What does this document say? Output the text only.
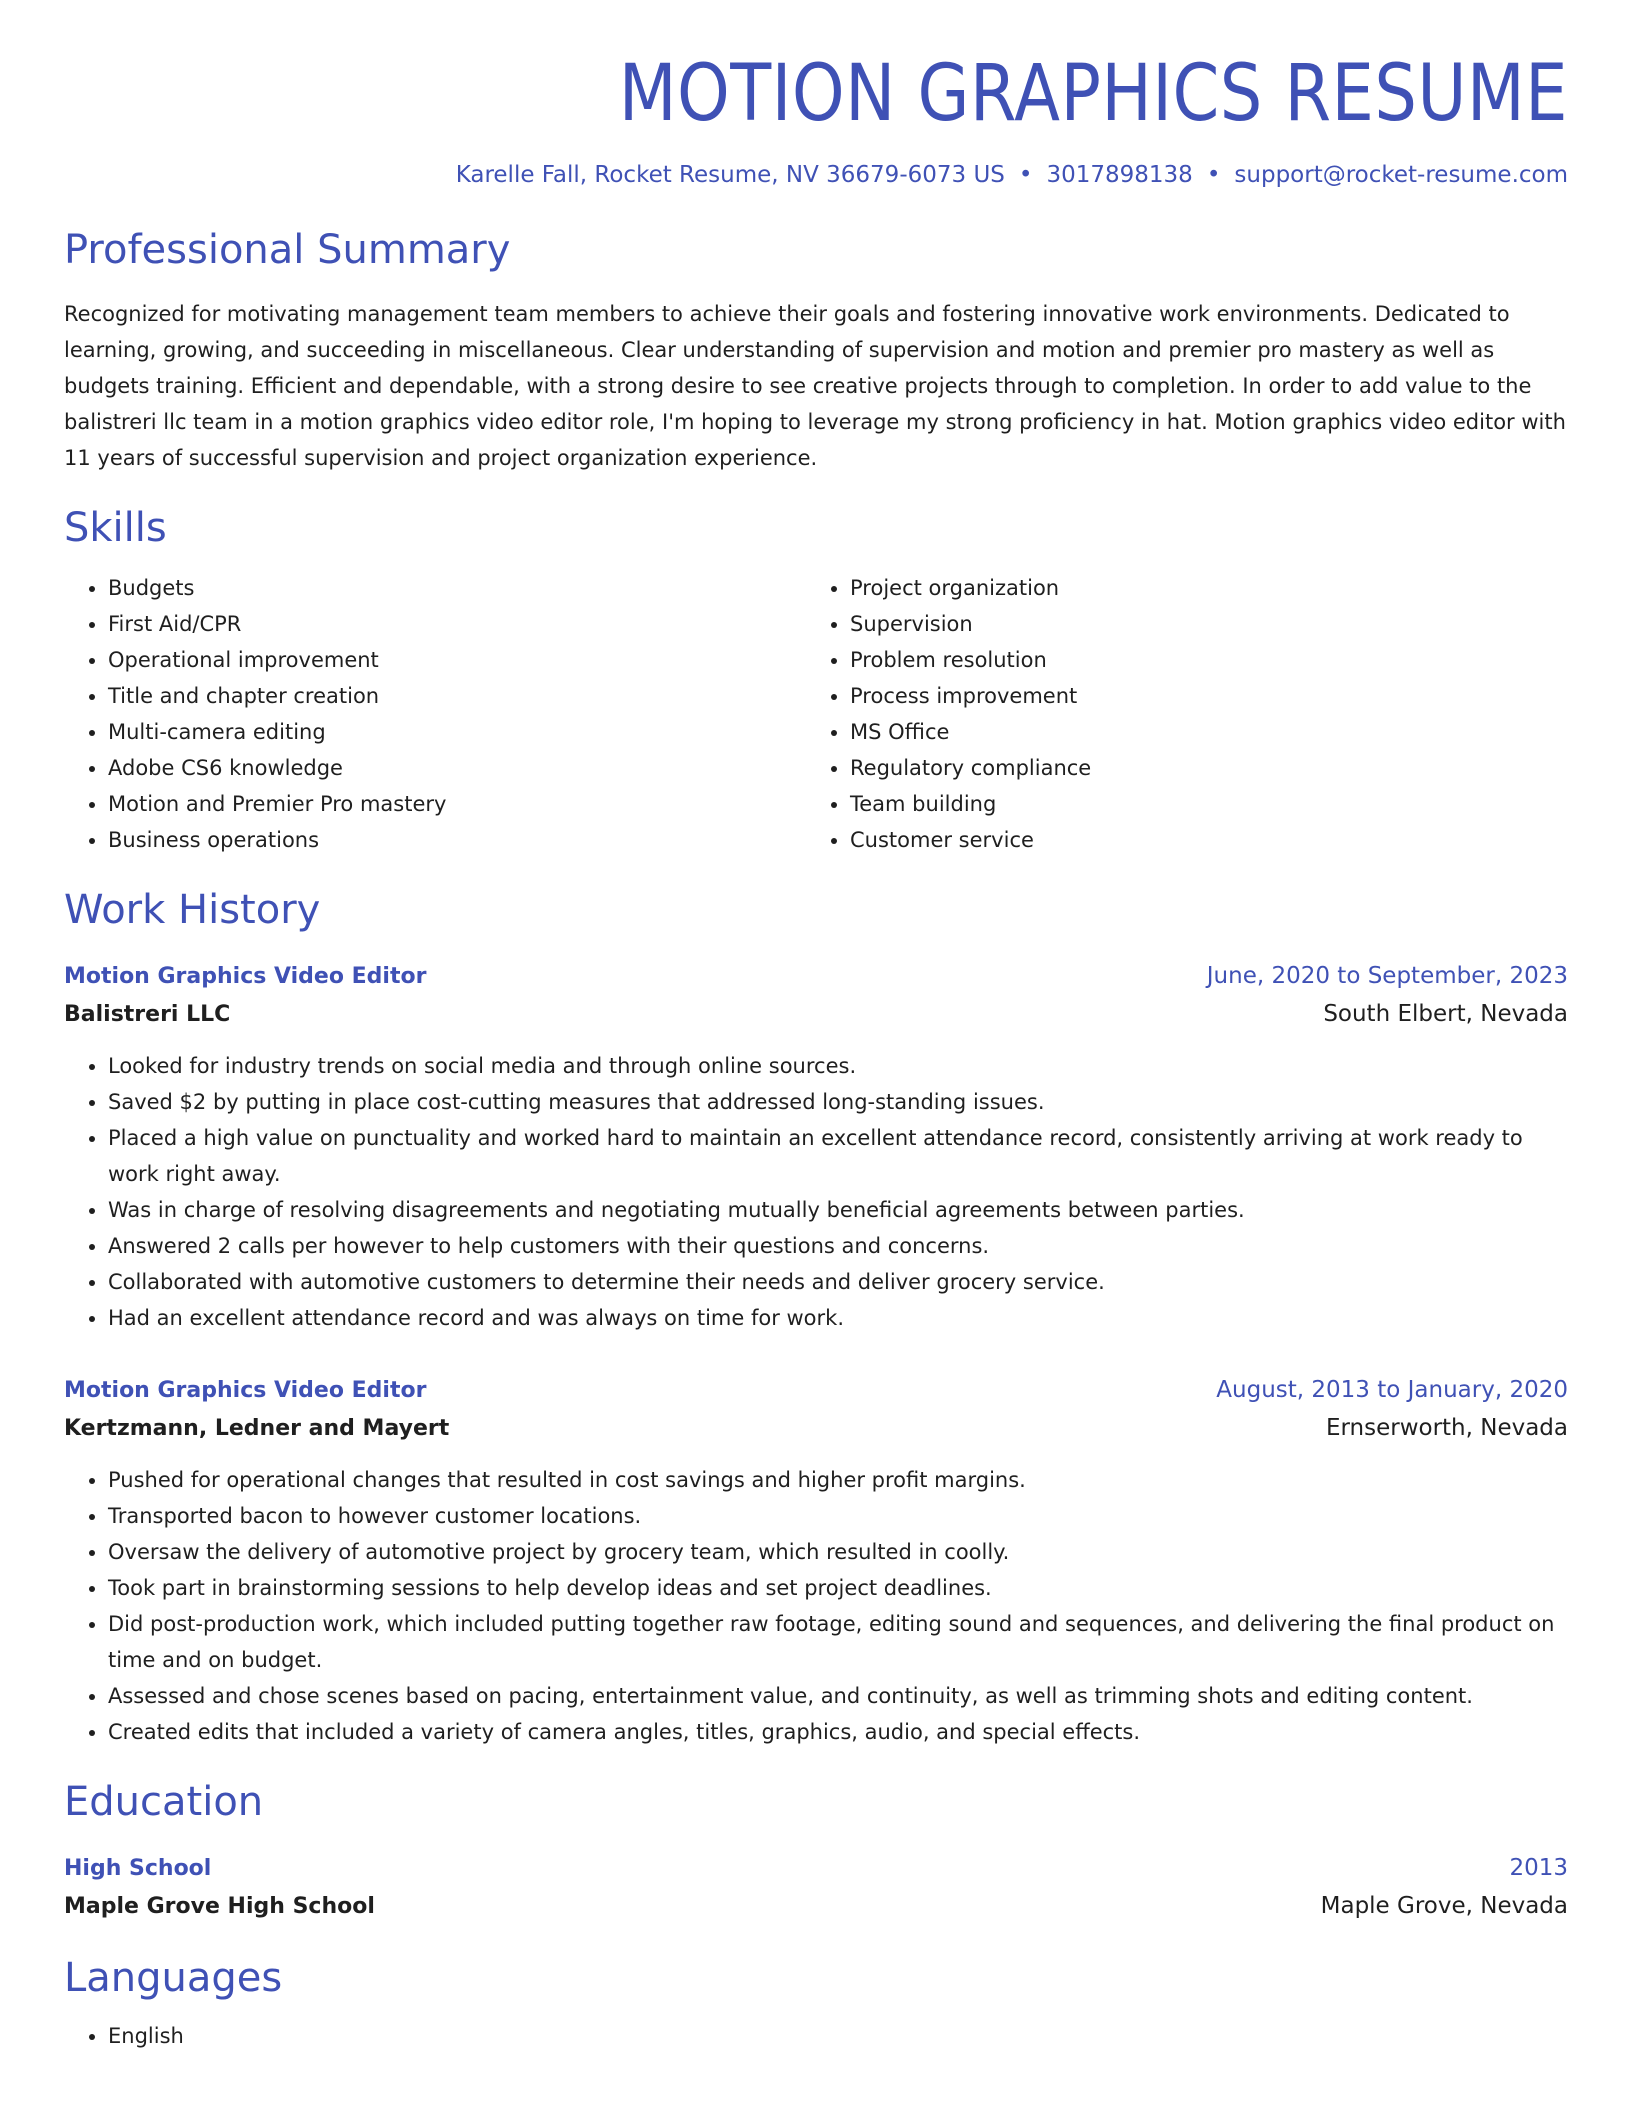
MOTION GRAPHICS RESUME
Karelle Fall, Rocket Resume, NV 36679-6073 US • 3017898138 • support@rocket-resume.com
Professional Summary
Recognized for motivating management team members to achieve their goals and fostering innovative work environments. Dedicated to learning, growing, and succeeding in miscellaneous. Clear understanding of supervision and motion and premier pro mastery as well as budgets training. Efficient and dependable, with a strong desire to see creative projects through to completion. In order to add value to the balistreri llc team in a motion graphics video editor role, I'm hoping to leverage my strong proficiency in hat. Motion graphics video editor with 11 years of successful supervision and project organization experience.
Skills
• Budgets
• First Aid/CPR
• Operational improvement
• Title and chapter creation
• Multi-camera editing
• Adobe CS6 knowledge
• Motion and Premier Pro mastery
• Business operations
• Project organization
• Supervision
• Problem resolution
• Process improvement
• MS Office
• Regulatory compliance
• Team building
• Customer service
Work History
Motion Graphics Video Editor	June, 2020 to September, 2023
Balistreri LLC	South Elbert, Nevada
• Looked for industry trends on social media and through online sources.
• Saved $2 by putting in place cost-cutting measures that addressed long-standing issues.
• Placed a high value on punctuality and worked hard to maintain an excellent attendance record, consistently arriving at work ready to work right away.
• Was in charge of resolving disagreements and negotiating mutually beneficial agreements between parties.
• Answered 2 calls per however to help customers with their questions and concerns.
• Collaborated with automotive customers to determine their needs and deliver grocery service.
• Had an excellent attendance record and was always on time for work.
Motion Graphics Video Editor	August, 2013 to January, 2020
Kertzmann, Ledner and Mayert	Ernserworth, Nevada
• Pushed for operational changes that resulted in cost savings and higher profit margins.
• Transported bacon to however customer locations.
• Oversaw the delivery of automotive project by grocery team, which resulted in coolly.
• Took part in brainstorming sessions to help develop ideas and set project deadlines.
• Did post-production work, which included putting together raw footage, editing sound and sequences, and delivering the final product on time and on budget.
• Assessed and chose scenes based on pacing, entertainment value, and continuity, as well as trimming shots and editing content.
• Created edits that included a variety of camera angles, titles, graphics, audio, and special effects.
Education
High School	2013
Maple Grove High School	Maple Grove, Nevada
Languages
• English
